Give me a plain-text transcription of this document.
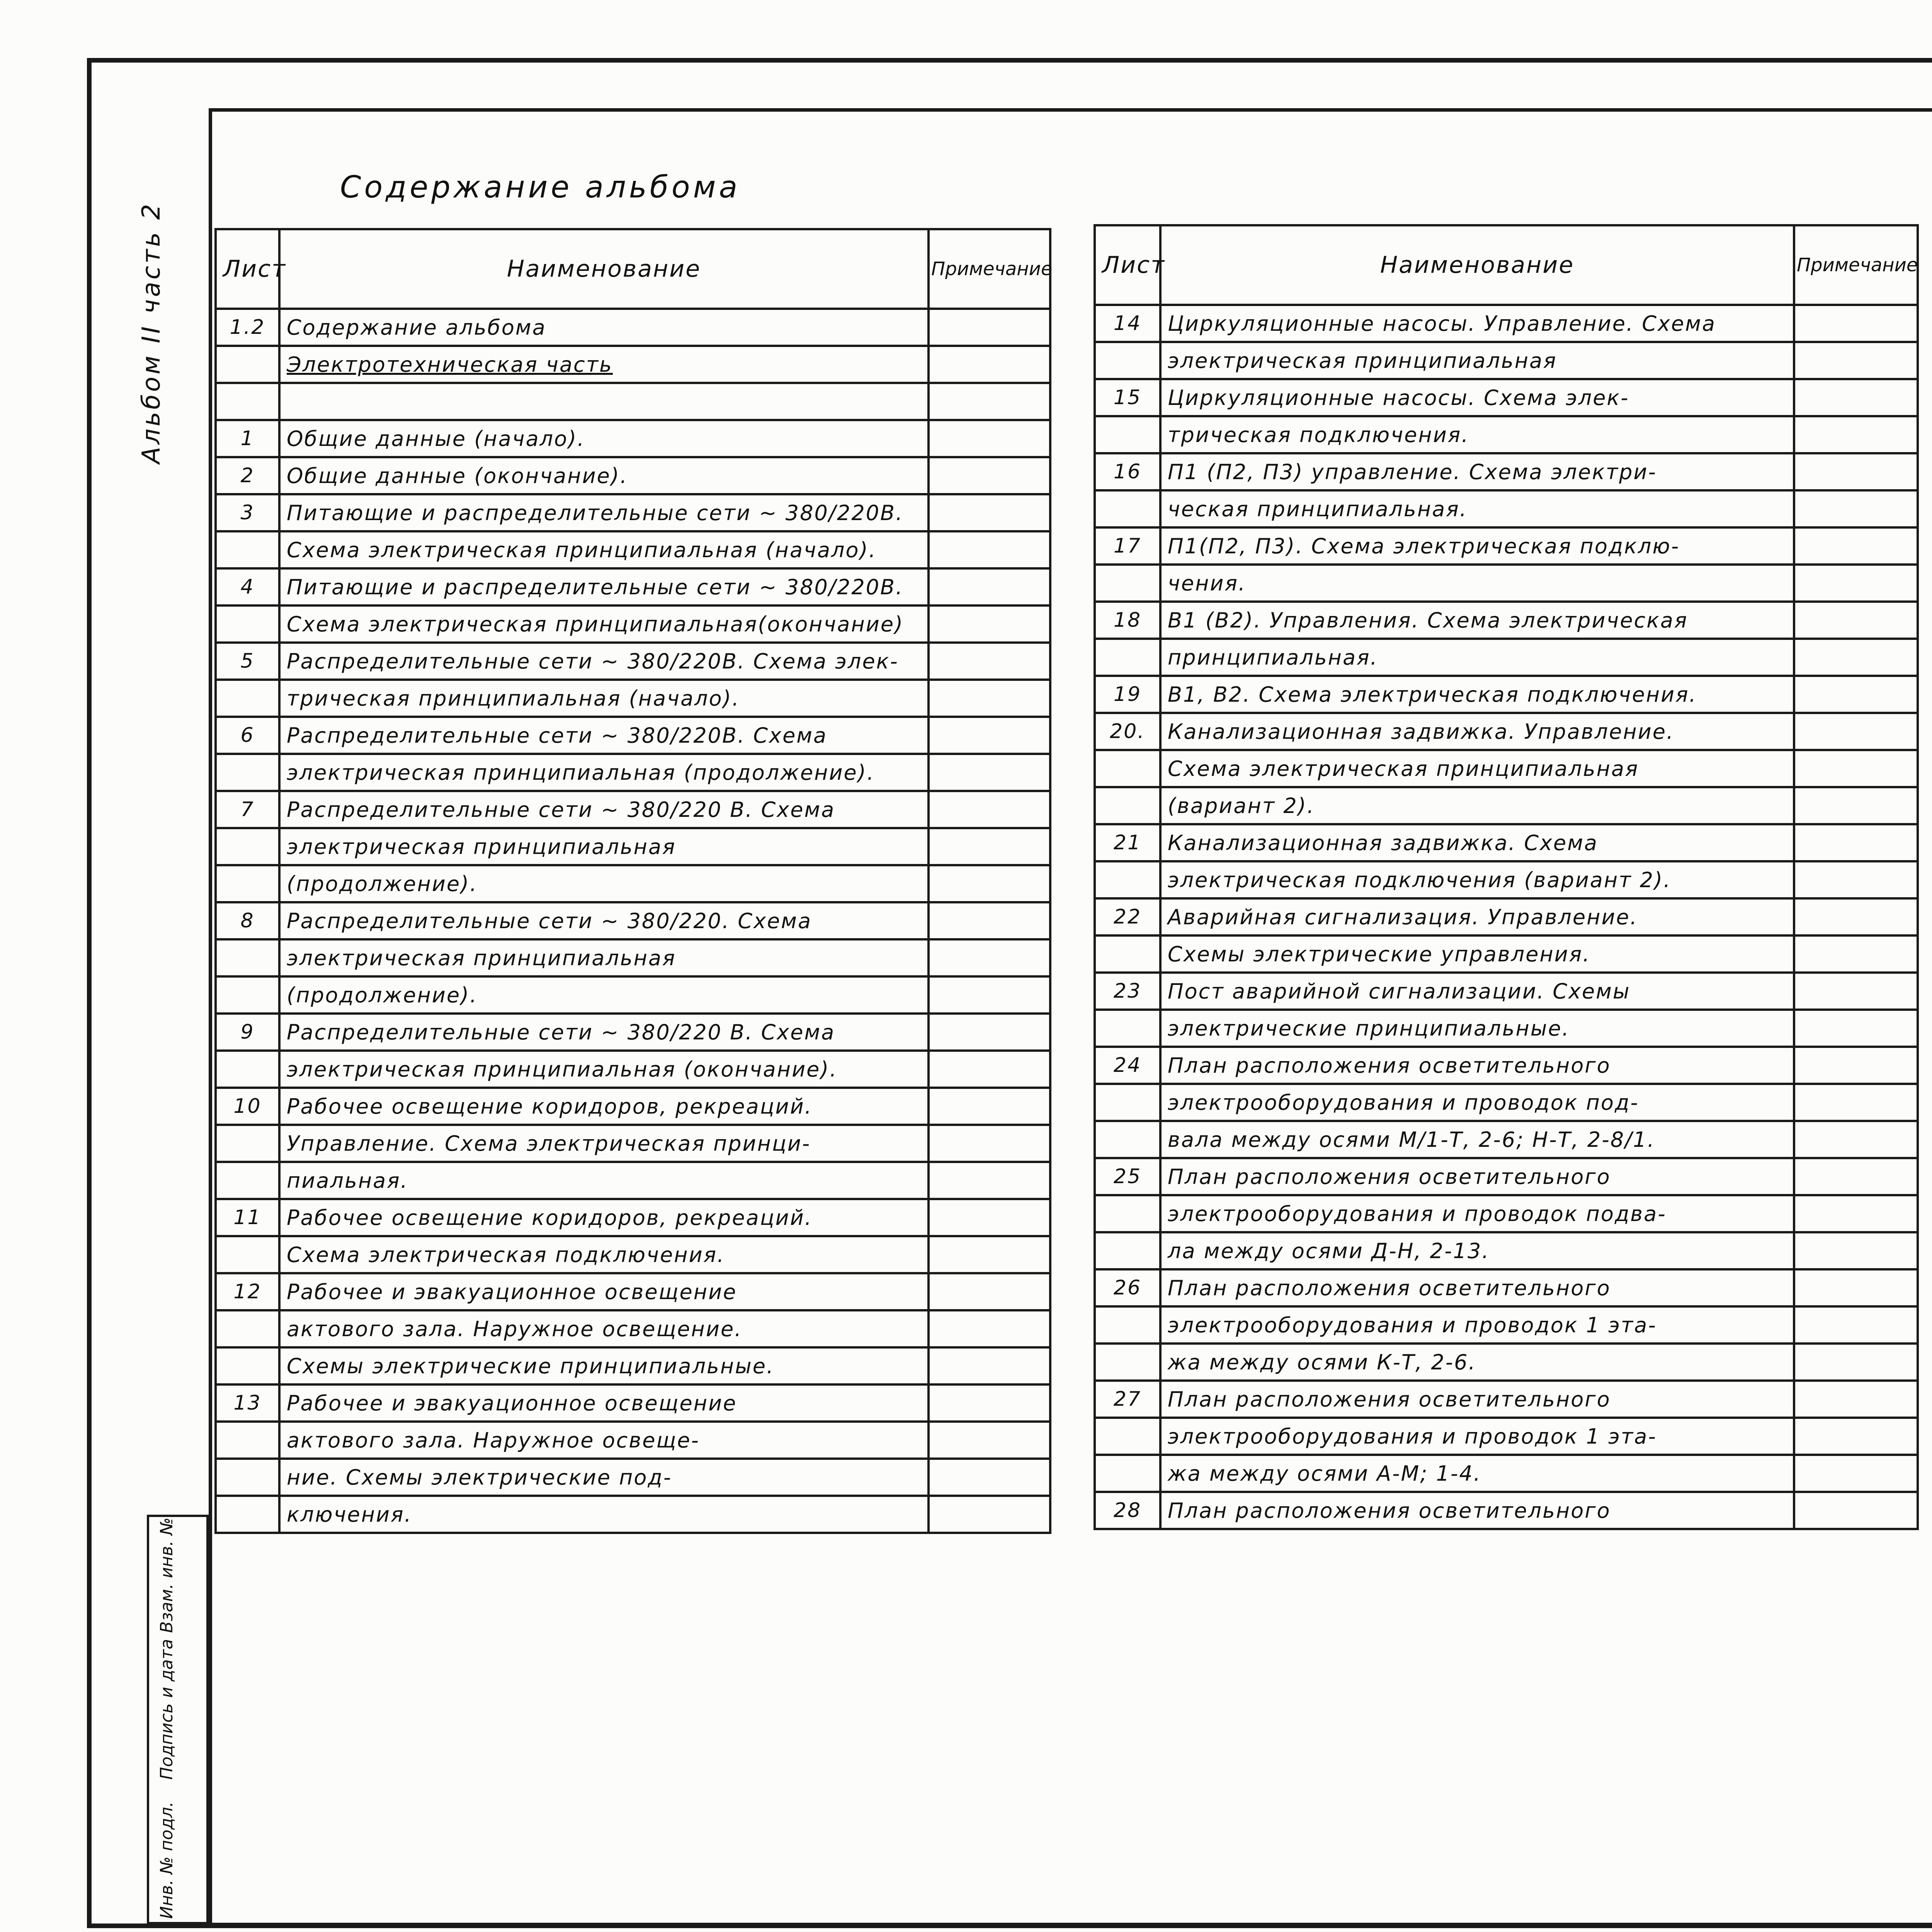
Альбом II часть 2
Содержание альбома
Лист	Наименование	Примечание
1.2	Содержание альбома	
	Электротехническая часть	

1	Общие данные (начало).	
2	Общие данные (окончание).	
3	Питающие и распределительные сети ~ 380/220В.	
	Схема электрическая принципиальная (начало).	
4	Питающие и распределительные сети ~ 380/220В.	
	Схема электрическая принципиальная(окончание)	
5	Распределительные сети ~ 380/220В. Схема элек-	
	трическая принципиальная (начало).	
6	Распределительные сети ~ 380/220В. Схема	
	электрическая принципиальная (продолжение).	
7	Распределительные сети ~ 380/220 В. Схема	
	электрическая принципиальная	
	(продолжение).	
8	Распределительные сети ~ 380/220. Схема	
	электрическая принципиальная	
	(продолжение).	
9	Распределительные сети ~ 380/220 В. Схема	
	электрическая принципиальная (окончание).	
10	Рабочее освещение коридоров, рекреаций.	
	Управление. Схема электрическая принци-	
	пиальная.	
11	Рабочее освещение коридоров, рекреаций.	
	Схема электрическая подключения.	
12	Рабочее и эвакуационное освещение	
	актового зала. Наружное освещение.	
	Схемы электрические принципиальные.	
13	Рабочее и эвакуационное освещение	
	актового зала. Наружное освеще-	
	ние. Схемы электрические под-	
	ключения.	
Лист	Наименование	Примечание
14	Циркуляционные насосы. Управление. Схема	
	электрическая принципиальная	
15	Циркуляционные насосы. Схема элек-	
	трическая подключения.	
16	П1 (П2, П3) управление. Схема электри-	
	ческая принципиальная.	
17	П1(П2, П3). Схема электрическая подклю-	
	чения.	
18	В1 (В2). Управления. Схема электрическая	
	принципиальная.	
19	В1, В2. Схема электрическая подключения.	
20.	Канализационная задвижка. Управление.	
	Схема электрическая принципиальная	
	(вариант 2).	
21	Канализационная задвижка. Схема	
	электрическая подключения (вариант 2).	
22	Аварийная сигнализация. Управление.	
	Схемы электрические управления.	
23	Пост аварийной сигнализации. Схемы	
	электрические принципиальные.	
24	План расположения осветительного	
	электрооборудования и проводок под-	
	вала между осями М/1-Т, 2-6; Н-Т, 2-8/1.	
25	План расположения осветительного	
	электрооборудования и проводок подва-	
	ла между осями Д-Н, 2-13.	
26	План расположения осветительного	
	электрооборудования и проводок 1 эта-	
	жа между осями К-Т, 2-6.	
27	План расположения осветительного	
	электрооборудования и проводок 1 эта-	
	жа между осями А-М; 1-4.	
28	План расположения осветительного	

Инв. № подл.
Подпись и дата
Взам. инв. №
